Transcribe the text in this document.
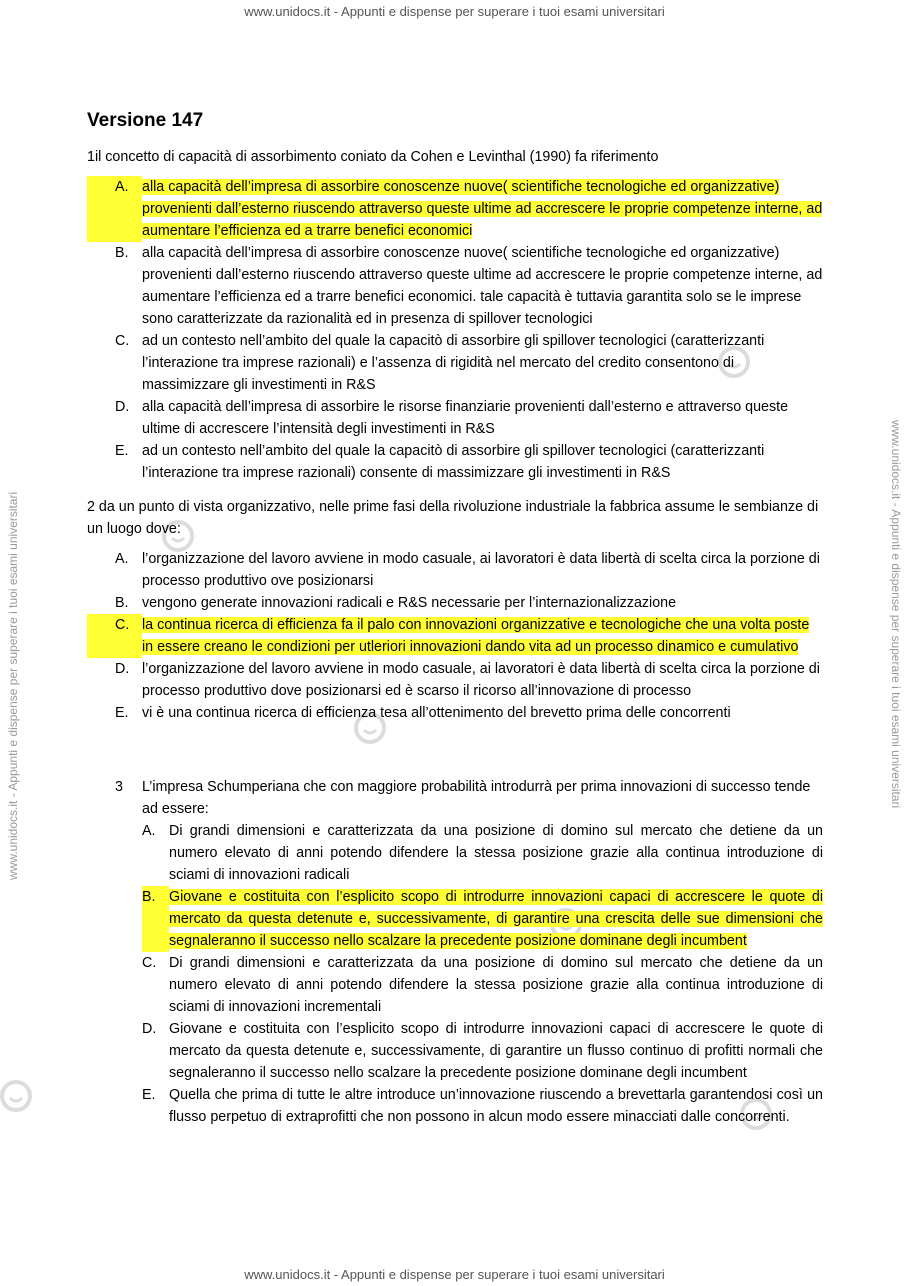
www.unidocs.it - Appunti e dispense per superare i tuoi esami universitari
www.unidocs.it - Appunti e dispense per superare i tuoi esami universitari	www.unidocs.it - Appunti e dispense per superare i tuoi esami universitari
Versione 147

1il concetto di capacità di assorbimento coniato da Cohen e Levinthal (1990) fa riferimento

A. alla capacità dell’impresa di assorbire conoscenze nuove( scientifiche tecnologiche ed organizzative) provenienti dall’esterno riuscendo attraverso queste ultime ad accrescere le proprie competenze interne, ad aumentare l’efficienza ed a trarre benefici economici
B. alla capacità dell’impresa di assorbire conoscenze nuove( scientifiche tecnologiche ed organizzative) provenienti dall’esterno riuscendo attraverso queste ultime ad accrescere le proprie competenze interne, ad aumentare l’efficienza ed a trarre benefici economici. tale capacità è tuttavia garantita solo se le imprese sono caratterizzate da razionalità ed in presenza di spillover tecnologici
C. ad un contesto nell’ambito del quale la capacitò di assorbire gli spillover tecnologici (caratterizzanti l’interazione tra imprese razionali) e l’assenza di rigidità nel mercato del credito consentono di massimizzare gli investimenti in R&S
D. alla capacità dell’impresa di assorbire le risorse finanziarie provenienti dall’esterno e attraverso queste ultime di accrescere l’intensità degli investimenti in R&S
E. ad un contesto nell’ambito del quale la capacitò di assorbire gli spillover tecnologici (caratterizzanti l’interazione tra imprese razionali) consente di massimizzare gli investimenti in R&S

2 da un punto di vista organizzativo, nelle prime fasi della rivoluzione industriale la fabbrica assume le sembianze di un luogo dove:

A. l’organizzazione del lavoro avviene in modo casuale, ai lavoratori è data libertà di scelta circa la porzione di processo produttivo ove posizionarsi
B. vengono generate innovazioni radicali e R&S necessarie per l’internazionalizzazione
C. la continua ricerca di efficienza fa il palo con innovazioni organizzative e tecnologiche che una volta poste in essere creano le condizioni per utleriori innovazioni dando vita ad un processo dinamico e cumulativo
D. l’organizzazione del lavoro avviene in modo casuale, ai lavoratori è data libertà di scelta circa la porzione di processo produttivo dove posizionarsi ed è scarso il ricorso all’innovazione di processo
E. vi è una continua ricerca di efficienza tesa all’ottenimento del brevetto prima delle concorrenti
3	L’impresa Schumperiana che con maggiore probabilità introdurrà per prima innovazioni di successo tende ad essere:
A. Di grandi dimensioni e caratterizzata da una posizione di domino sul mercato che detiene da un numero elevato di anni potendo difendere la stessa posizione grazie alla continua introduzione di sciami di innovazioni radicali
B. Giovane e costituita con l’esplicito scopo di introdurre innovazioni capaci di accrescere le quote di mercato da questa detenute e, successivamente, di garantire una crescita delle sue dimensioni che segnaleranno il successo nello scalzare la precedente posizione dominane degli incumbent
C. Di grandi dimensioni e caratterizzata da una posizione di domino sul mercato che detiene da un numero elevato di anni potendo difendere la stessa posizione grazie alla continua introduzione di sciami di innovazioni incrementali
D. Giovane e costituita con l’esplicito scopo di introdurre innovazioni capaci di accrescere le quote di mercato da questa detenute e, successivamente, di garantire un flusso continuo di profitti normali che segnaleranno il successo nello scalzare la precedente posizione dominane degli incumbent
E. Quella che prima di tutte le altre introduce un’innovazione riuscendo a brevettarla garantendosi così un flusso perpetuo di extraprofitti che non possono in alcun modo essere minacciati dalle concorrenti.
www.unidocs.it - Appunti e dispense per superare i tuoi esami universitari
